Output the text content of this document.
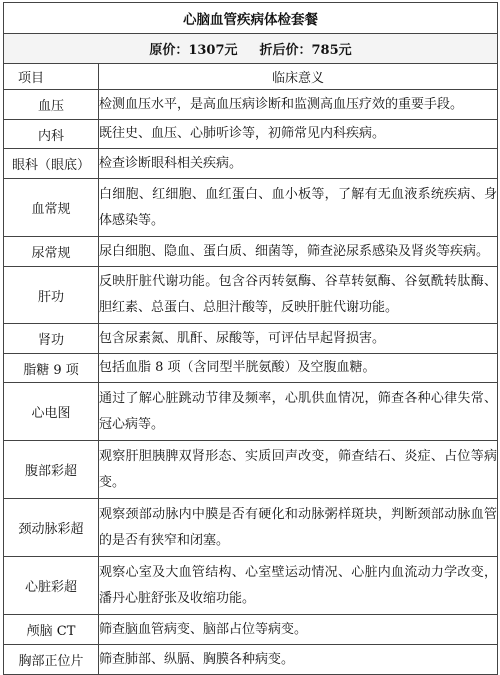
心脑血管疾病体检套餐	
原价：1307元 折后价：785元	
项目	临床意义
血压	检测血压水平，是高血压病诊断和监测高血压疗效的重要手段。
内科	既往史、血压、心肺听诊等，初筛常见内科疾病。
眼科（眼底）	检查诊断眼科相关疾病。
血常规	白细胞、红细胞、血红蛋白、血小板等，了解有无血液系统疾病、身体感染等。
尿常规	尿白细胞、隐血、蛋白质、细菌等，筛查泌尿系感染及肾炎等疾病。
肝功	反映肝脏代谢功能。包含谷丙转氨酶、谷草转氨酶、谷氨酰转肽酶、胆红素、总蛋白、总胆汁酸等，反映肝脏代谢功能。
肾功	包含尿素氮、肌酐、尿酸等，可评估早起肾损害。
脂糖 9 项	包括血脂 8 项（含同型半胱氨酸）及空腹血糖。
心电图	通过了解心脏跳动节律及频率，心肌供血情况，筛查各种心律失常、冠心病等。
腹部彩超	观察肝胆胰脾双肾形态、实质回声改变，筛查结石、炎症、占位等病变。
颈动脉彩超	观察颈部动脉内中膜是否有硬化和动脉粥样斑块，判断颈部动脉血管的是否有狭窄和闭塞。
心脏彩超	观察心室及大血管结构、心室壁运动情况、心脏内血流动力学改变，潘丹心脏舒张及收缩功能。
颅脑 CT	筛查脑血管病变、脑部占位等病变。
胸部正位片	筛查肺部、纵膈、胸膜各种病变。
